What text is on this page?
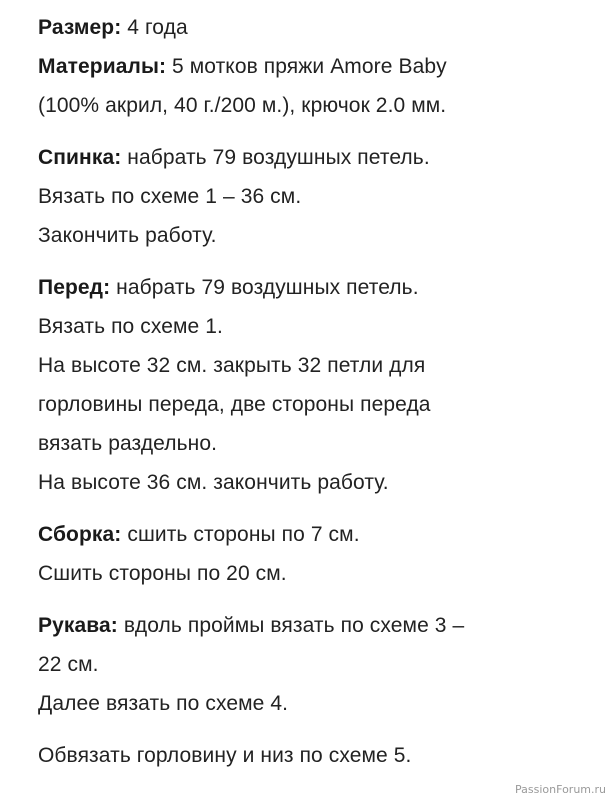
Размер: 4 года
Материалы: 5 мотков пряжи Amore Baby
(100% акрил, 40 г./200 м.), крючок 2.0 мм.
Спинка: набрать 79 воздушных петель.
Вязать по схеме 1 – 36 см.
Закончить работу.
Перед: набрать 79 воздушных петель.
Вязать по схеме 1.
На высоте 32 см. закрыть 32 петли для
горловины переда, две стороны переда
вязать раздельно.
На высоте 36 см. закончить работу.
Сборка: сшить стороны по 7 см.
Сшить стороны по 20 см.
Рукава: вдоль проймы вязать по схеме 3 –
22 см.
Далее вязать по схеме 4.
Обвязать горловину и низ по схеме 5.
PassionForum.ru
